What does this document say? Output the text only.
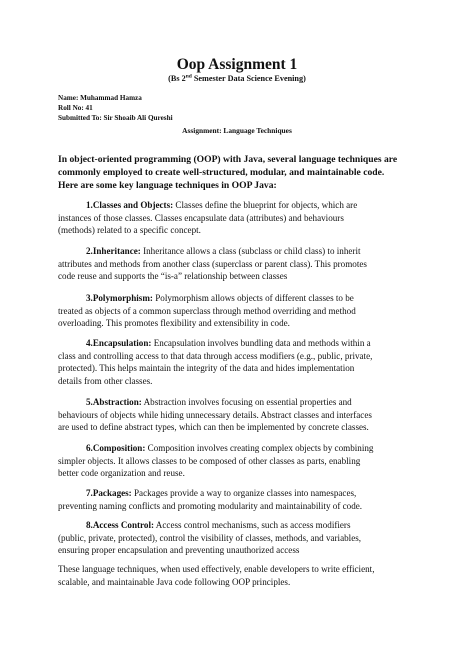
Oop Assignment 1
(Bs 2nd Semester Data Science Evening)
Name: Muhammad Hamza
Roll No: 41
Submitted To: Sir Shoaib Ali Qureshi
Assignment: Language Techniques
In object-oriented programming (OOP) with Java, several language techniques are
commonly employed to create well-structured, modular, and maintainable code.
Here are some key language techniques in OOP Java:
1.Classes and Objects: Classes define the blueprint for objects, which are
instances of those classes. Classes encapsulate data (attributes) and behaviours
(methods) related to a specific concept.
2.Inheritance: Inheritance allows a class (subclass or child class) to inherit
attributes and methods from another class (superclass or parent class). This promotes
code reuse and supports the “is-a” relationship between classes
3.Polymorphism: Polymorphism allows objects of different classes to be
treated as objects of a common superclass through method overriding and method
overloading. This promotes flexibility and extensibility in code.
4.Encapsulation: Encapsulation involves bundling data and methods within a
class and controlling access to that data through access modifiers (e.g., public, private,
protected). This helps maintain the integrity of the data and hides implementation
details from other classes.
5.Abstraction: Abstraction involves focusing on essential properties and
behaviours of objects while hiding unnecessary details. Abstract classes and interfaces
are used to define abstract types, which can then be implemented by concrete classes.
6.Composition: Composition involves creating complex objects by combining
simpler objects. It allows classes to be composed of other classes as parts, enabling
better code organization and reuse.
7.Packages: Packages provide a way to organize classes into namespaces,
preventing naming conflicts and promoting modularity and maintainability of code.
8.Access Control: Access control mechanisms, such as access modifiers
(public, private, protected), control the visibility of classes, methods, and variables,
ensuring proper encapsulation and preventing unauthorized access
These language techniques, when used effectively, enable developers to write efficient,
scalable, and maintainable Java code following OOP principles.
